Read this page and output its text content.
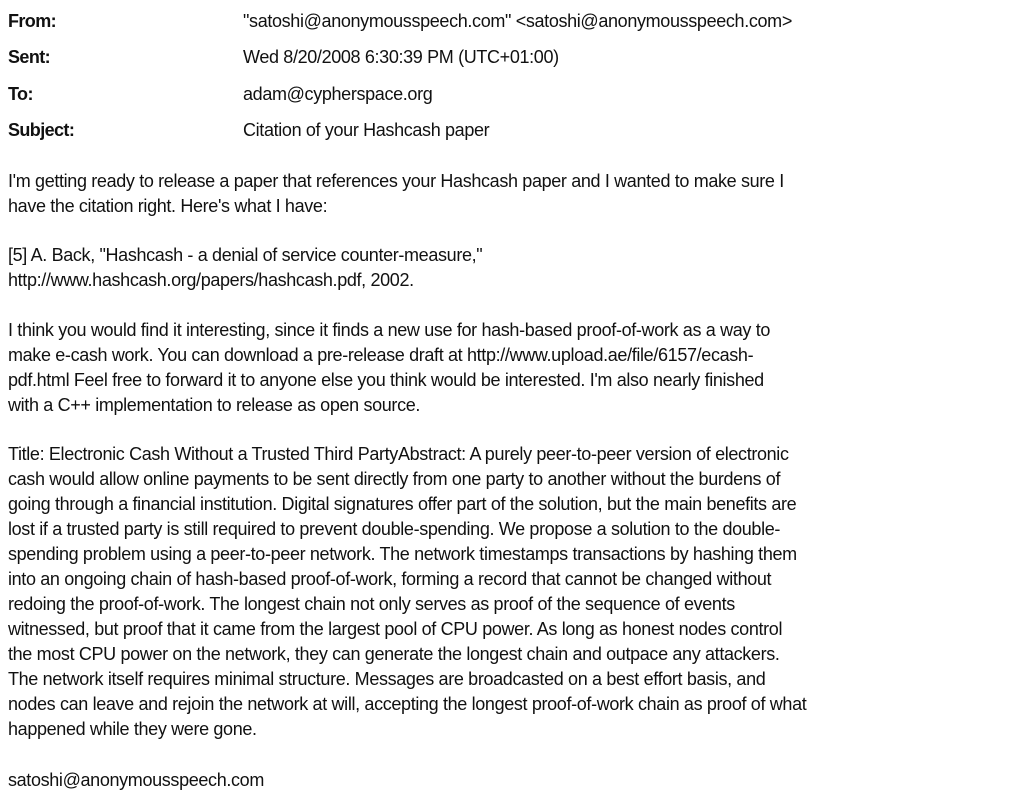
From:	"satoshi@anonymousspeech.com" <satoshi@anonymousspeech.com>
Sent:	Wed 8/20/2008 6:30:39 PM (UTC+01:00)
To:	adam@cypherspace.org
Subject:	Citation of your Hashcash paper
I'm getting ready to release a paper that references your Hashcash paper and I wanted to make sure I
have the citation right. Here's what I have:
[5] A. Back, "Hashcash - a denial of service counter-measure,"
http://www.hashcash.org/papers/hashcash.pdf, 2002.
I think you would find it interesting, since it finds a new use for hash-based proof-of-work as a way to
make e-cash work. You can download a pre-release draft at http://www.upload.ae/file/6157/ecash-
pdf.html Feel free to forward it to anyone else you think would be interested. I'm also nearly finished
with a C++ implementation to release as open source.
Title: Electronic Cash Without a Trusted Third PartyAbstract: A purely peer-to-peer version of electronic
cash would allow online payments to be sent directly from one party to another without the burdens of
going through a financial institution. Digital signatures offer part of the solution, but the main benefits are
lost if a trusted party is still required to prevent double-spending. We propose a solution to the double-
spending problem using a peer-to-peer network. The network timestamps transactions by hashing them
into an ongoing chain of hash-based proof-of-work, forming a record that cannot be changed without
redoing the proof-of-work. The longest chain not only serves as proof of the sequence of events
witnessed, but proof that it came from the largest pool of CPU power. As long as honest nodes control
the most CPU power on the network, they can generate the longest chain and outpace any attackers.
The network itself requires minimal structure. Messages are broadcasted on a best effort basis, and
nodes can leave and rejoin the network at will, accepting the longest proof-of-work chain as proof of what
happened while they were gone.
satoshi@anonymousspeech.com
